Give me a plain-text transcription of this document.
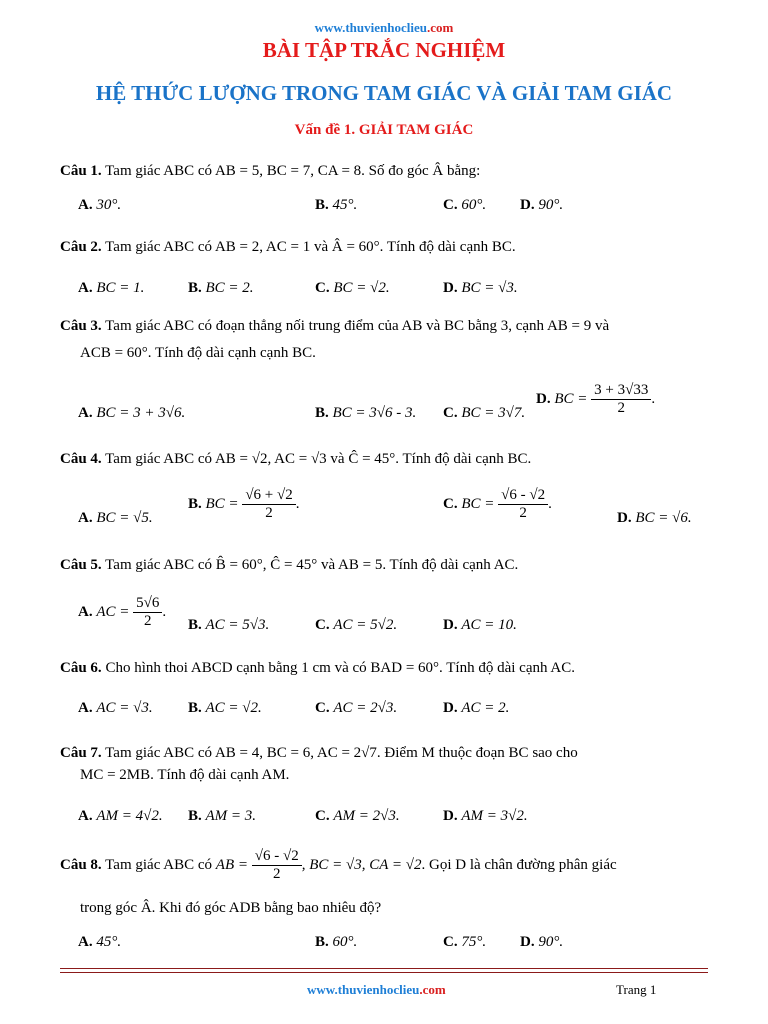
www.thuvienhoclieu.com
BÀI TẬP TRẮC NGHIỆM
HỆ THỨC LƯỢNG TRONG TAM GIÁC VÀ GIẢI TAM GIÁC
Vấn đề 1. GIẢI TAM GIÁC
Câu 1. Tam giác ABC có AB = 5, BC = 7, CA = 8. Số đo góc Â bằng:
A. 30°.	B. 45°.	C. 60°. D. 90°.
Câu 2. Tam giác ABC có AB = 2, AC = 1 và Â = 60°. Tính độ dài cạnh BC.
A. BC = 1.	B. BC = 2.	C. BC = √2.	D. BC = √3.
Câu 3. Tam giác ABC có đoạn thẳng nối trung điểm của AB và BC bằng 3, cạnh AB = 9 và
ACB = 60°. Tính độ dài cạnh cạnh BC.
A. BC = 3 + 3√6.	B. BC = 3√6 - 3. C. BC = 3√7.
D. BC = $\frac{3 + 3√33}{2}$ .
Câu 4. Tam giác ABC có AB = √2, AC = √3 và Ĉ = 45°. Tính độ dài cạnh BC.
A. BC = √5.
B. BC = $\frac{√6 + √2}{2}$ .	C. BC = $\frac{√6 - √2}{2}$ .
D. BC = √6.
Câu 5. Tam giác ABC có B̂ = 60°, Ĉ = 45° và AB = 5. Tính độ dài cạnh AC.
A. AC = $\frac{5√6}{2}$ .
B. AC = 5√3.	C. AC = 5√2.	D. AC = 10.
Câu 6. Cho hình thoi ABCD cạnh bằng 1 cm và có BAD = 60°. Tính độ dài cạnh AC.
A. AC = √3. B. AC = √2.	C. AC = 2√3.	D. AC = 2.
Câu 7. Tam giác ABC có AB = 4, BC = 6, AC = 2√7. Điểm M thuộc đoạn BC sao cho
MC = 2MB. Tính độ dài cạnh AM.
A. AM = 4√2. B. AM = 3.	C. AM = 2√3.	D. AM = 3√2.
Câu 8. Tam giác ABC có AB = $\frac{√6 - √2}{2}$ , BC = √3, CA = √2. Gọi D là chân đường phân giác
trong góc Â. Khi đó góc ADB bằng bao nhiêu độ?
A. 45°.	B. 60°.	C. 75°. D. 90°.
www.thuvienhoclieu.com	Trang 1
